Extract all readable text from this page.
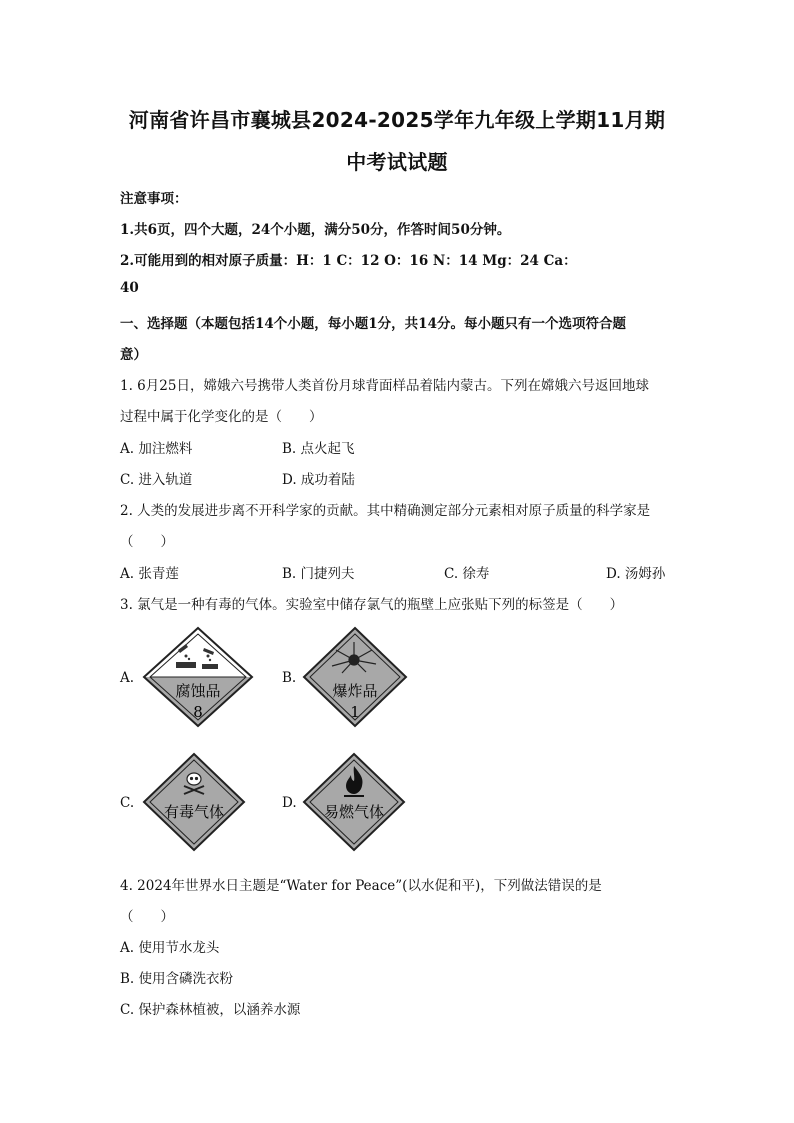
河南省许昌市襄城县2024-2025学年九年级上学期11月期
中考试试题
注意事项：
1.共6页，四个大题，24个小题，满分50分，作答时间50分钟。
2.可能用到的相对原子质量：H：1 C：12 O：16 N：14 Mg：24 Ca：
40
一、选择题（本题包括14个小题，每小题1分，共14分。每小题只有一个选项符合题
意）
1. 6月25日，嫦娥六号携带人类首份月球背面样品着陆内蒙古。下列在嫦娥六号返回地球
过程中属于化学变化的是（　　）
A. 加注燃料	B. 点火起飞
C. 进入轨道	D. 成功着陆
2. 人类的发展进步离不开科学家的贡献。其中精确测定部分元素相对原子质量的科学家是
（　　）
A. 张青莲	B. 门捷列夫	C. 徐寿	D. 汤姆孙
3. 氯气是一种有毒的气体。实验室中储存氯气的瓶壁上应张贴下列的标签是（　　）
A.
腐蚀品
8
B.
爆炸品
1
C. 有毒气体	D. 易燃气体
4. 2024年世界水日主题是“Water for Peace”(以水促和平)，下列做法错误的是
（　　）
A. 使用节水龙头
B. 使用含磷洗衣粉
C. 保护森林植被，以涵养水源
